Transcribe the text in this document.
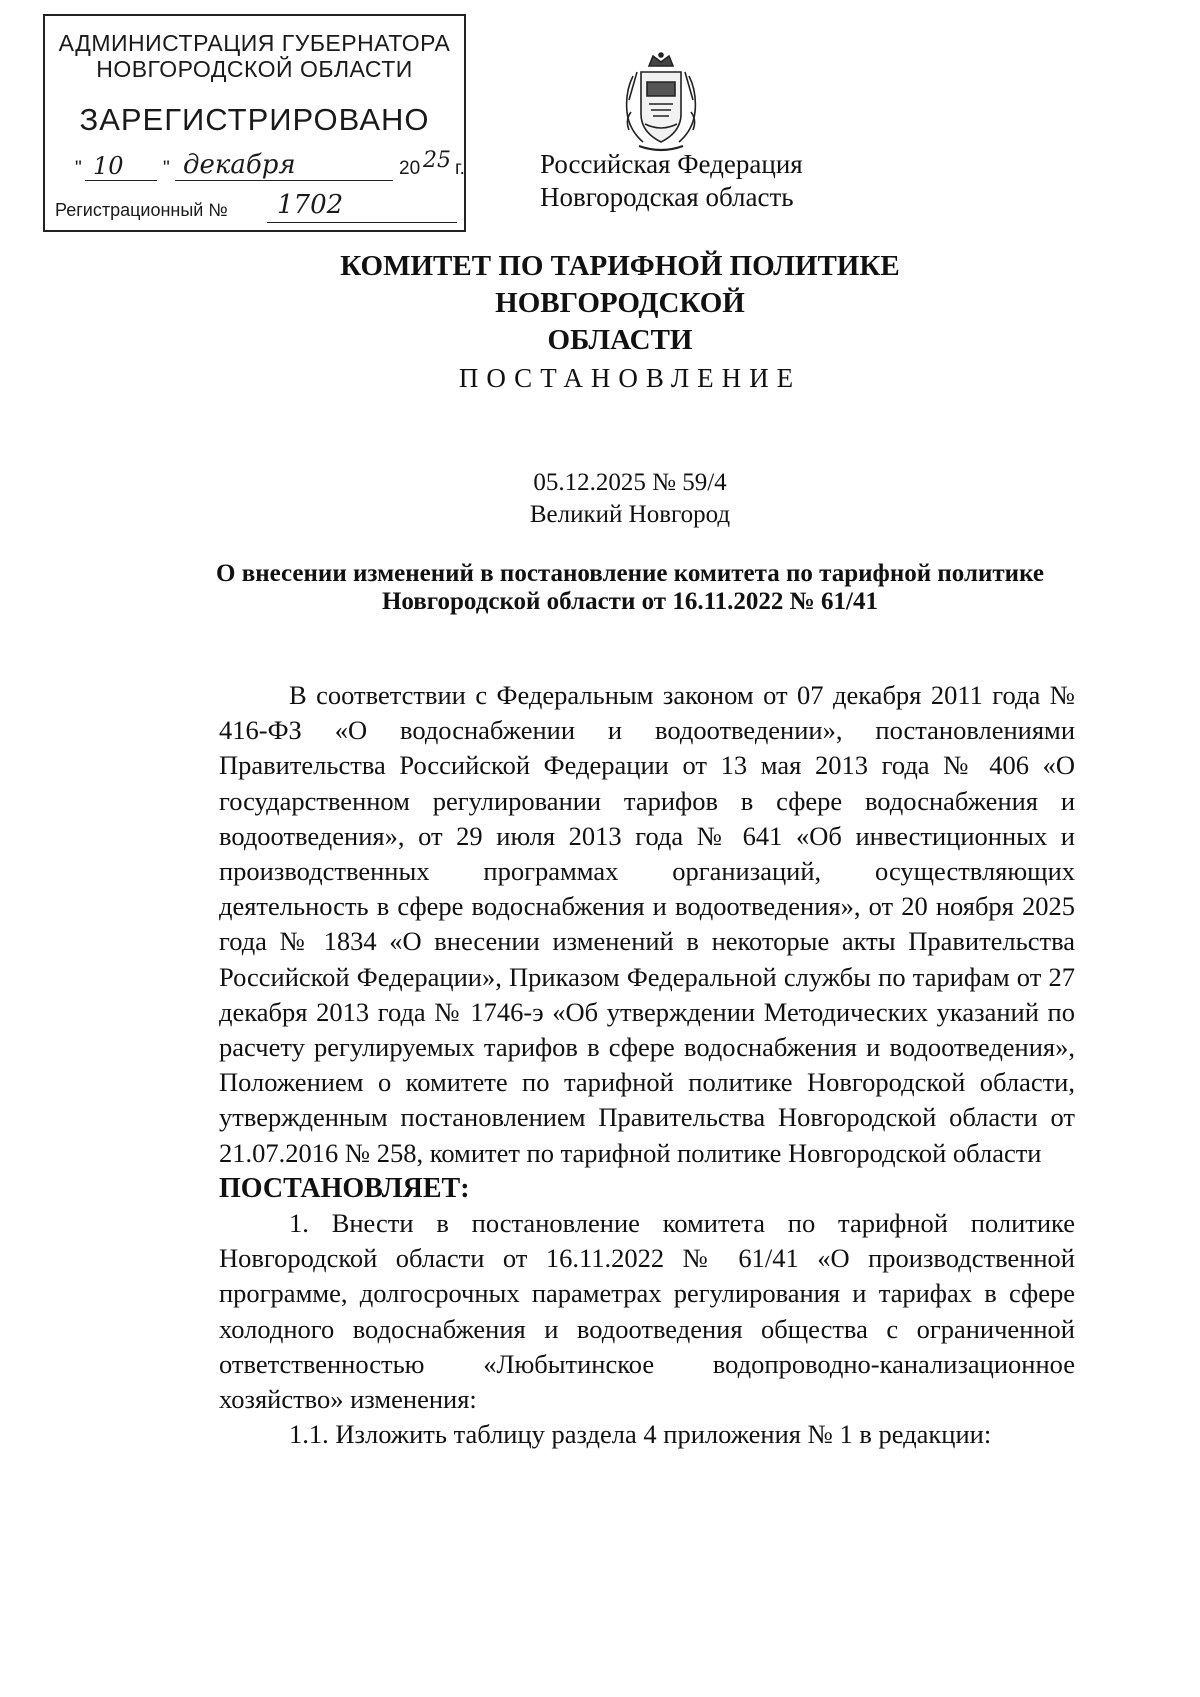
АДМИНИСТРАЦИЯ ГУБЕРНАТОРА
НОВГОРОДСКОЙ ОБЛАСТИ
ЗАРЕГИСТРИРОВАНО
" 10 " декабря	20 25 г.
Регистрационный № 1702
Российская Федерация
Новгородская область
КОМИТЕТ ПО ТАРИФНОЙ ПОЛИТИКЕ НОВГОРОДСКОЙ
ОБЛАСТИ
ПОСТАНОВЛЕНИЕ
05.12.2025 № 59/4
Великий Новгород
О внесении изменений в постановление комитета по тарифной политике
Новгородской области от 16.11.2022 № 61/41

В соответствии с Федеральным законом от 07 декабря 2011 года № 416-ФЗ «О водоснабжении и водоотведении», постановлениями Правительства Российской Федерации от 13 мая 2013 года № 406 «О государственном регулировании тарифов в сфере водоснабжения и водоотведения», от 29 июля 2013 года № 641 «Об инвестиционных и производственных программах организаций, осуществляющих деятельность в сфере водоснабжения и водоотведения», от 20 ноября 2025 года № 1834 «О внесении изменений в некоторые акты Правительства Российской Федерации», Приказом Федеральной службы по тарифам от 27 декабря 2013 года № 1746-э «Об утверждении Методических указаний по расчету регулируемых тарифов в сфере водоснабжения и водоотведения», Положением о комитете по тарифной политике Новгородской области, утвержденным постановлением Правительства Новгородской области от 21.07.2016 № 258, комитет по тарифной политике Новгородской области

ПОСТАНОВЛЯЕТ:

1. Внести в постановление комитета по тарифной политике Новгородской области от 16.11.2022 № 61/41 «О производственной программе, долгосрочных параметрах регулирования и тарифах в сфере холодного водоснабжения и водоотведения общества с ограниченной ответственностью «Любытинское водопроводно-канализационное хозяйство» изменения:

1.1. Изложить таблицу раздела 4 приложения № 1 в редакции:
